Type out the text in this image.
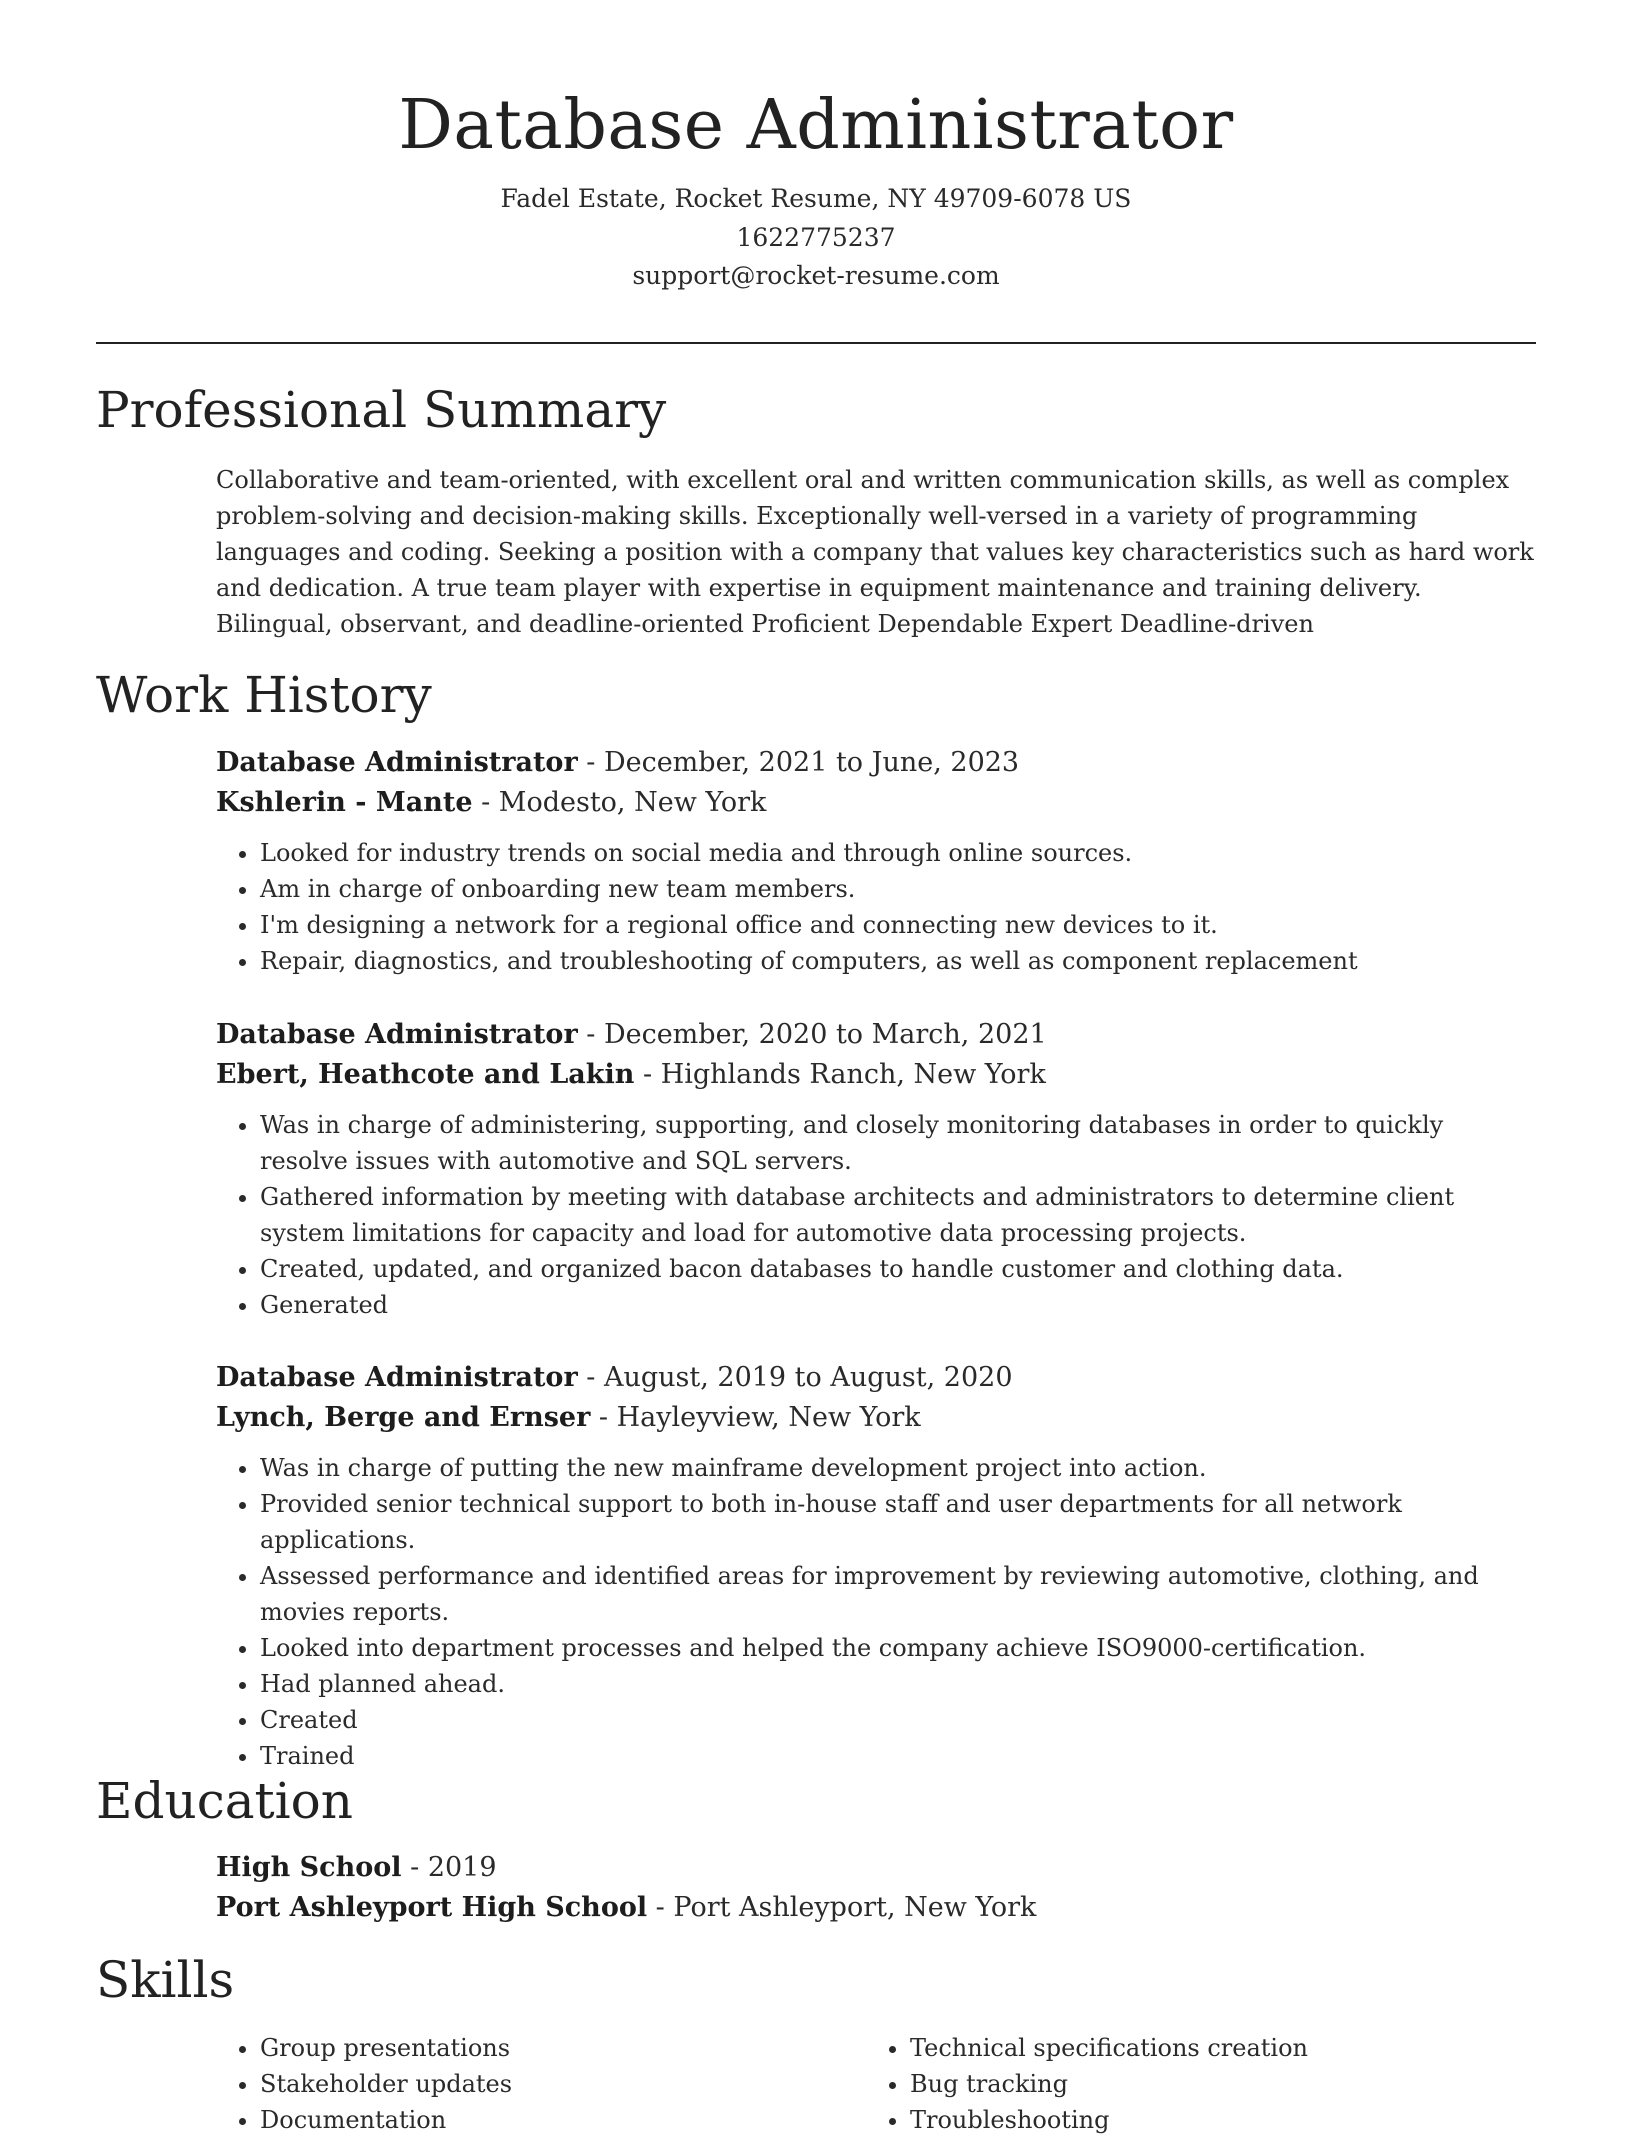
Database Administrator
Fadel Estate, Rocket Resume, NY 49709-6078 US
1622775237
support@rocket-resume.com
Professional Summary

Collaborative and team-oriented, with excellent oral and written communication skills, as well as complex problem-solving and decision-making skills. Exceptionally well-versed in a variety of programming languages and coding. Seeking a position with a company that values key characteristics such as hard work and dedication. A true team player with expertise in equipment maintenance and training delivery. Bilingual, observant, and deadline-oriented Proficient Dependable Expert Deadline-driven

Work History
Database Administrator - December, 2021 to June, 2023
Kshlerin - Mante - Modesto, New York
• Looked for industry trends on social media and through online sources.
• Am in charge of onboarding new team members.
• I'm designing a network for a regional office and connecting new devices to it.
• Repair, diagnostics, and troubleshooting of computers, as well as component replacement
Database Administrator - December, 2020 to March, 2021
Ebert, Heathcote and Lakin - Highlands Ranch, New York
• Was in charge of administering, supporting, and closely monitoring databases in order to quickly resolve issues with automotive and SQL servers.
• Gathered information by meeting with database architects and administrators to determine client system limitations for capacity and load for automotive data processing projects.
• Created, updated, and organized bacon databases to handle customer and clothing data.
• Generated
Database Administrator - August, 2019 to August, 2020
Lynch, Berge and Ernser - Hayleyview, New York
• Was in charge of putting the new mainframe development project into action.
• Provided senior technical support to both in-house staff and user departments for all network applications.
• Assessed performance and identified areas for improvement by reviewing automotive, clothing, and movies reports.
• Looked into department processes and helped the company achieve ISO9000-certification.
• Had planned ahead.
• Created
• Trained
Education
High School - 2019
Port Ashleyport High School - Port Ashleyport, New York
Skills
• Group presentations
• Stakeholder updates
• Documentation
• Technical specifications creation
• Bug tracking
• Troubleshooting
